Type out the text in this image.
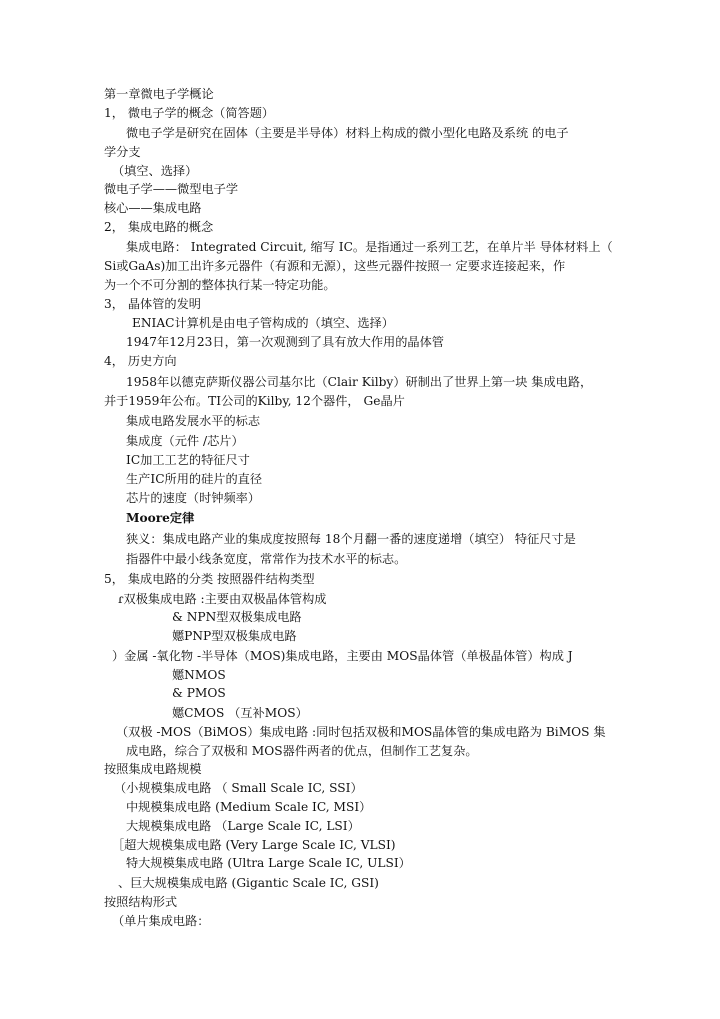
第一章微电子学概论
1， 微电子学的概念（简答题）
微电子学是研究在固体（主要是半导体）材料上构成的微小型化电路及系统 的电子
学分支
（填空、选择）
微电子学——微型电子学
核心——集成电路
2， 集成电路的概念
集成电路： Integrated Circuit, 缩写 IC。是指通过一系列工艺，在单片半 导体材料上（
Si或GaAs)加工出许多元器件（有源和无源），这些元器件按照一 定要求连接起来，作
为一个不可分割的整体执行某一特定功能。
3， 晶体管的发明
ENIAC计算机是由电子管构成的（填空、选择）
1947年12月23日，第一次观测到了具有放大作用的晶体管
4， 历史方向
1958年以德克萨斯仪器公司基尔比（Clair Kilby）研制出了世界上第一块 集成电路，
并于1959年公布。TI公司的Kilby, 12个器件， Ge晶片
集成电路发展水平的标志
集成度（元件 /芯片）
IC加工工艺的特征尺寸
生产IC所用的硅片的直径
芯片的速度（时钟频率）
Moore定律
狭义：集成电路产业的集成度按照每 18个月翻一番的速度递增（填空） 特征尺寸是
指器件中最小线条宽度，常常作为技术水平的标志。
5， 集成电路的分类 按照器件结构类型
ɾ双极集成电路 :主要由双极晶体管构成
& NPN型双极集成电路
嬺PNP型双极集成电路
）金属 -氧化物 -半导体（MOS)集成电路，主要由 MOS晶体管（单极晶体管）构成 J
嬺NMOS
& PMOS
嬺CMOS （互补MOS）
（双极 -MOS（BiMOS）集成电路 :同时包括双极和MOS晶体管的集成电路为 BiMOS 集
成电路，综合了双极和 MOS器件两者的优点，但制作工艺复杂。
按照集成电路规模
（小规模集成电路 （ Small Scale IC, SSI）
中规模集成电路 (Medium Scale IC, MSI）
大规模集成电路 （Large Scale IC, LSI）
［超大规模集成电路 (Very Large Scale IC, VLSI)
特大规模集成电路 (Ultra Large Scale IC, ULSI）
、巨大规模集成电路 (Gigantic Scale IC, GSI)
按照结构形式
（单片集成电路：
